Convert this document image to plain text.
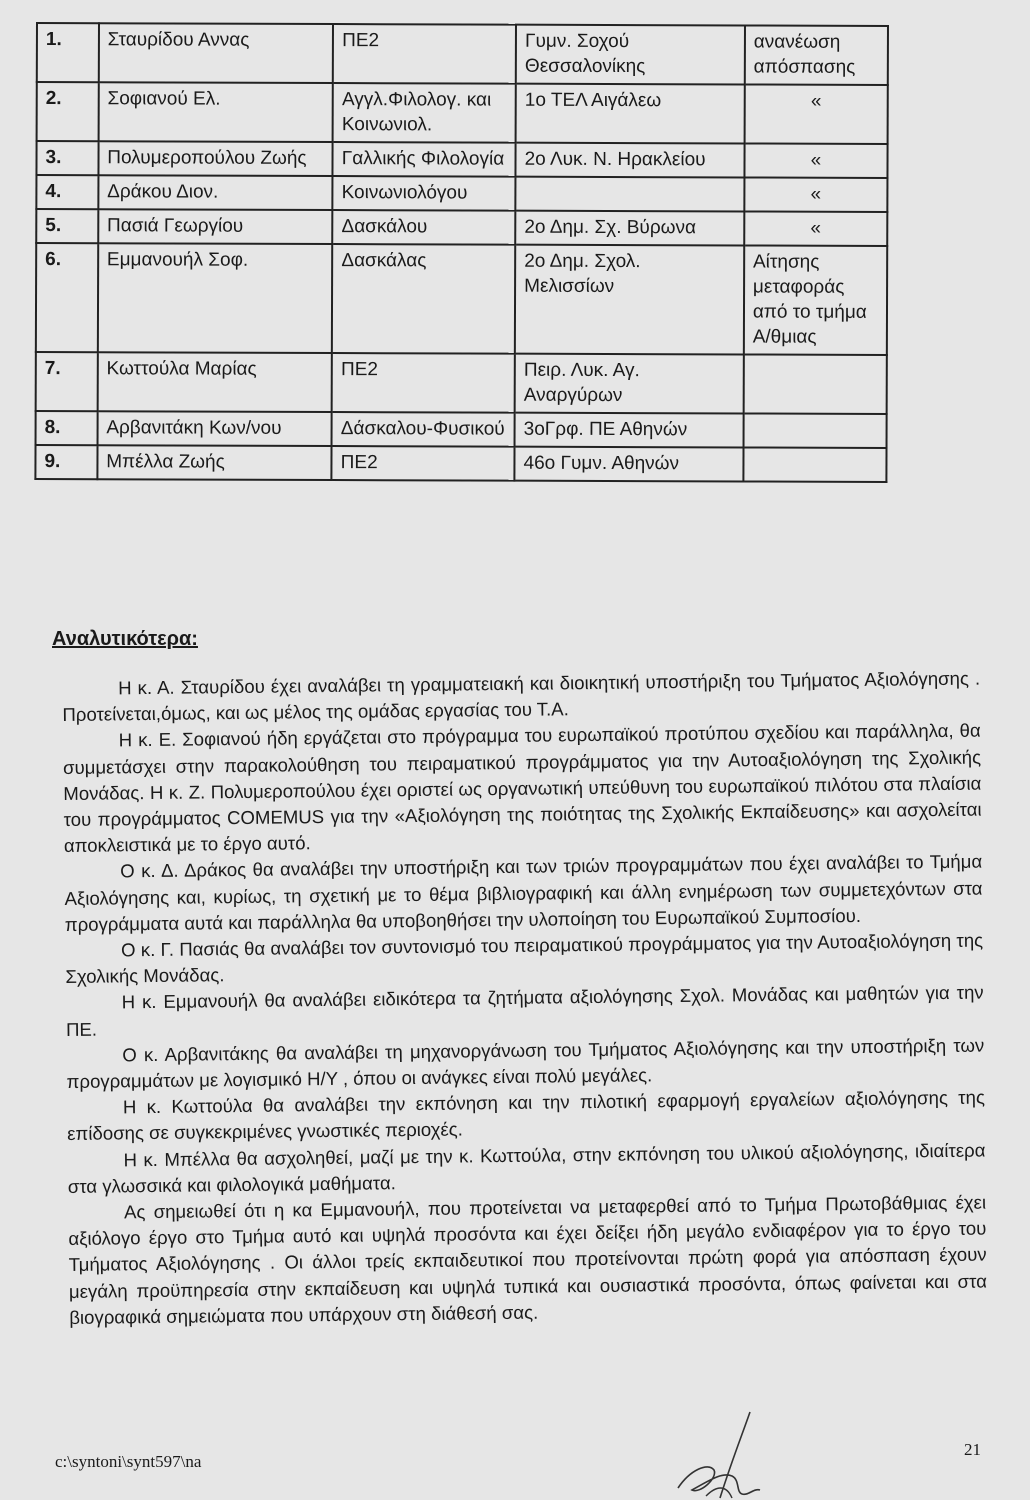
1.	Σταυρίδου Αννας	ΠΕ2	Γυμν. Σοχού Θεσσαλονίκης	ανανέωση απόσπασης
2.	Σοφιανού Ελ.	Αγγλ.Φιλολογ. και Κοινωνιολ.	1ο ΤΕΛ Αιγάλεω	«
3.	Πολυμεροπούλου Ζωής	Γαλλικής Φιλολογία	2ο Λυκ. Ν. Ηρακλείου	«
4.	Δράκου Διον.	Κοινωνιολόγου		«
5.	Πασιά Γεωργίου	Δασκάλου	2ο Δημ. Σχ. Βύρωνα	«
6.	Εμμανουήλ Σοφ.	Δασκάλας	2ο Δημ. Σχολ. Μελισσίων	Αίτησης μεταφοράς από το τμήμα Α/θμιας
7.	Κωττούλα Μαρίας	ΠΕ2	Πειρ. Λυκ. Αγ. Αναργύρων	
8.	Αρβανιτάκη Κων/νου	Δάσκαλου-Φυσικού	3οΓρφ. ΠΕ Αθηνών	
9.	Μπέλλα Ζωής	ΠΕ2	46ο Γυμν. Αθηνών	

Αναλυτικότερα:

Η κ. Α. Σταυρίδου έχει αναλάβει τη γραμματειακή και διοικητική υποστήριξη του Τμήματος Αξιολόγησης . Προτείνεται,όμως, και ως μέλος της ομάδας εργασίας του Τ.Α.

Η κ. Ε. Σοφιανού ήδη εργάζεται στο πρόγραμμα του ευρωπαϊκού προτύπου σχεδίου και παράλληλα, θα συμμετάσχει στην παρακολούθηση του πειραματικού προγράμματος για την Αυτοαξιολόγηση της Σχολικής Μονάδας. Η κ. Ζ. Πολυμεροπούλου έχει οριστεί ως οργανωτική υπεύθυνη του ευρωπαϊκού πιλότου στα πλαίσια του προγράμματος COMEMUS για την «Αξιολόγηση της ποιότητας της Σχολικής Εκπαίδευσης» και ασχολείται αποκλειστικά με το έργο αυτό.

Ο κ. Δ. Δράκος θα αναλάβει την υποστήριξη και των τριών προγραμμάτων που έχει αναλάβει το Τμήμα Αξιολόγησης και, κυρίως, τη σχετική με το θέμα βιβλιογραφική και άλλη ενημέρωση των συμμετεχόντων στα προγράμματα αυτά και παράλληλα θα υποβοηθήσει την υλοποίηση του Ευρωπαϊκού Συμποσίου.

Ο κ. Γ. Πασιάς θα αναλάβει τον συντονισμό του πειραματικού προγράμματος για την Αυτοαξιολόγηση της Σχολικής Μονάδας.

Η κ. Εμμανουήλ θα αναλάβει ειδικότερα τα ζητήματα αξιολόγησης Σχολ. Μονάδας και μαθητών για την ΠΕ.

Ο κ. Αρβανιτάκης θα αναλάβει τη μηχανοργάνωση του Τμήματος Αξιολόγησης και την υποστήριξη των προγραμμάτων με λογισμικό Η/Υ , όπου οι ανάγκες είναι πολύ μεγάλες.

Η κ. Κωττούλα θα αναλάβει την εκπόνηση και την πιλοτική εφαρμογή εργαλείων αξιολόγησης της επίδοσης σε συγκεκριμένες γνωστικές περιοχές.

Η κ. Μπέλλα θα ασχοληθεί, μαζί με την κ. Κωττούλα, στην εκπόνηση του υλικού αξιολόγησης, ιδιαίτερα στα γλωσσικά και φιλολογικά μαθήματα.

Ας σημειωθεί ότι η κα Εμμανουήλ, που προτείνεται να μεταφερθεί από το Τμήμα Πρωτοβάθμιας έχει αξιόλογο έργο στο Τμήμα αυτό και υψηλά προσόντα και έχει δείξει ήδη μεγάλο ενδιαφέρον για το έργο του Τμήματος Αξιολόγησης . Οι άλλοι τρείς εκπαιδευτικοί που προτείνονται πρώτη φορά για απόσπαση έχουν μεγάλη προϋπηρεσία στην εκπαίδευση και υψηλά τυπικά και ουσιαστικά προσόντα, όπως φαίνεται και στα βιογραφικά σημειώματα που υπάρχουν στη διάθεσή σας.

c:\syntoni\synt597\na

21
